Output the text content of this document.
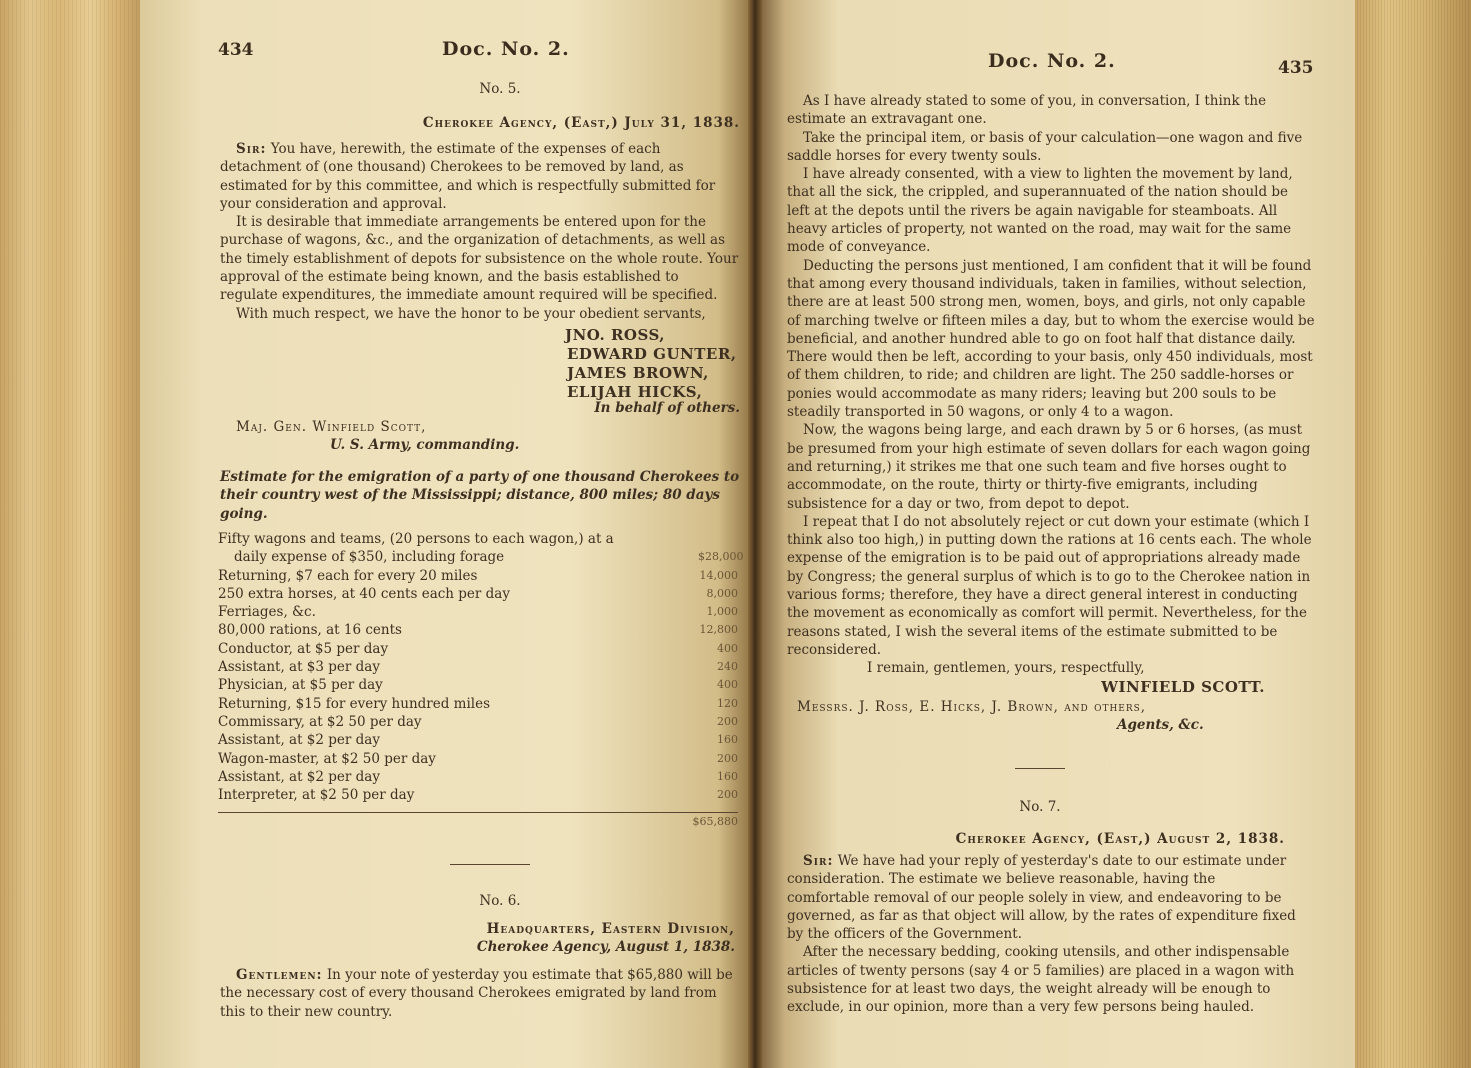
434	Doc. No. 2.
No. 5.
Cherokee Agency, (East,) July 31, 1838.

Sir: You have, herewith, the estimate of the expenses of each detachment of (one thousand) Cherokees to be removed by land, as estimated for by this committee, and which is respectfully submitted for your consideration and approval.

It is desirable that immediate arrangements be entered upon for the purchase of wagons, &c., and the organization of detachments, as well as the timely establishment of depots for subsistence on the whole route. Your approval of the estimate being known, and the basis established to regulate expenditures, the immediate amount required will be specified.

With much respect, we have the honor to be your obedient servants,

JNO. ROSS,
EDWARD GUNTER,
JAMES BROWN,
ELIJAH HICKS,
In behalf of others.
Maj. Gen. Winfield Scott,
U. S. Army, commanding.
Estimate for the emigration of a party of one thousand Cherokees to their country west of the Mississippi; distance, 800 miles; 80 days going.
Fifty wagons and teams, (20 persons to each wagon,) at a
daily expense of $350, including forage	$28,000
Returning, $7 each for every 20 miles	14,000
250 extra horses, at 40 cents each per day	8,000
Ferriages, &c.	1,000
80,000 rations, at 16 cents	12,800
Conductor, at $5 per day	400
Assistant, at $3 per day	240
Physician, at $5 per day	400
Returning, $15 for every hundred miles	120
Commissary, at $2 50 per day	200
Assistant, at $2 per day	160
Wagon-master, at $2 50 per day	200
Assistant, at $2 per day	160
Interpreter, at $2 50 per day	200
$65,880
No. 6.
Headquarters, Eastern Division,
Cherokee Agency, August 1, 1838.

Gentlemen: In your note of yesterday you estimate that $65,880 will be the necessary cost of every thousand Cherokees emigrated by land from this to their new country.

Doc. No. 2.	435

As I have already stated to some of you, in conversation, I think the estimate an extravagant one.

Take the principal item, or basis of your calculation—one wagon and five saddle horses for every twenty souls.

I have already consented, with a view to lighten the movement by land, that all the sick, the crippled, and superannuated of the nation should be left at the depots until the rivers be again navigable for steamboats. All heavy articles of property, not wanted on the road, may wait for the same mode of conveyance.

Deducting the persons just mentioned, I am confident that it will be found that among every thousand individuals, taken in families, without selection, there are at least 500 strong men, women, boys, and girls, not only capable of marching twelve or fifteen miles a day, but to whom the exercise would be beneficial, and another hundred able to go on foot half that distance daily. There would then be left, according to your basis, only 450 individuals, most of them children, to ride; and children are light. The 250 saddle-horses or ponies would accommodate as many riders; leaving but 200 souls to be steadily transported in 50 wagons, or only 4 to a wagon.

Now, the wagons being large, and each drawn by 5 or 6 horses, (as must be presumed from your high estimate of seven dollars for each wagon going and returning,) it strikes me that one such team and five horses ought to accommodate, on the route, thirty or thirty-five emigrants, including subsistence for a day or two, from depot to depot.

I repeat that I do not absolutely reject or cut down your estimate (which I think also too high,) in putting down the rations at 16 cents each. The whole expense of the emigration is to be paid out of appropriations already made by Congress; the general surplus of which is to go to the Cherokee nation in various forms; therefore, they have a direct general interest in conducting the movement as economically as comfort will permit. Nevertheless, for the reasons stated, I wish the several items of the estimate submitted to be reconsidered.

I remain, gentlemen, yours, respectfully,

WINFIELD SCOTT.

Messrs. J. Ross, E. Hicks, J. Brown, and others,

Agents, &c.

No. 7.
Cherokee Agency, (East,) August 2, 1838.

Sir: We have had your reply of yesterday's date to our estimate under consideration. The estimate we believe reasonable, having the comfortable removal of our people solely in view, and endeavoring to be governed, as far as that object will allow, by the rates of expenditure fixed by the officers of the Government.

After the necessary bedding, cooking utensils, and other indispensable articles of twenty persons (say 4 or 5 families) are placed in a wagon with subsistence for at least two days, the weight already will be enough to exclude, in our opinion, more than a very few persons being hauled.
